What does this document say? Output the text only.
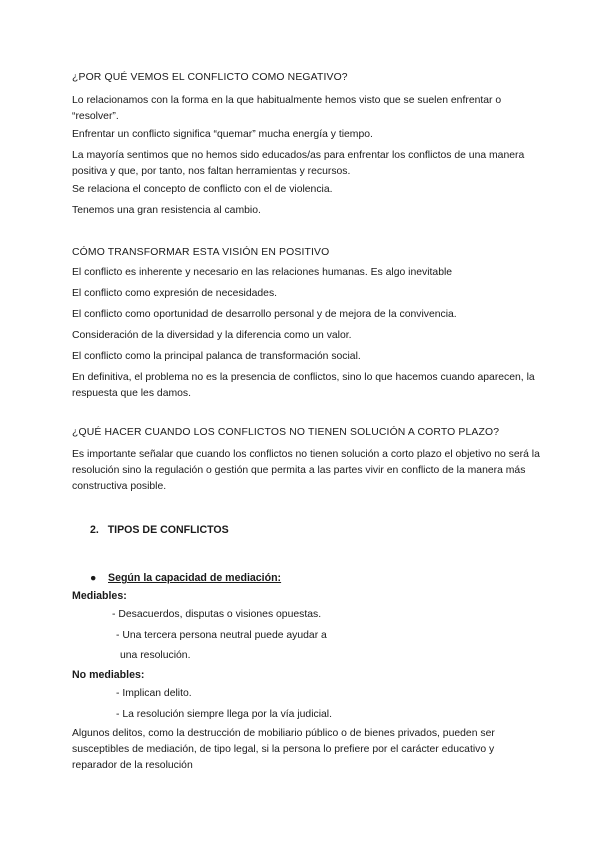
¿POR QUÉ VEMOS EL CONFLICTO COMO NEGATIVO?
Lo relacionamos con la forma en la que habitualmente hemos visto que se suelen enfrentar o “resolver”.
Enfrentar un conflicto significa “quemar” mucha energía y tiempo.
La mayoría sentimos que no hemos sido educados/as para enfrentar los conflictos de una manera positiva y que, por tanto, nos faltan herramientas y recursos.
Se relaciona el concepto de conflicto con el de violencia.
Tenemos una gran resistencia al cambio.
CÓMO TRANSFORMAR ESTA VISIÓN EN POSITIVO
El conflicto es inherente y necesario en las relaciones humanas. Es algo inevitable
El conflicto como expresión de necesidades.
El conflicto como oportunidad de desarrollo personal y de mejora de la convivencia.
Consideración de la diversidad y la diferencia como un valor.
El conflicto como la principal palanca de transformación social.
En definitiva, el problema no es la presencia de conflictos, sino lo que hacemos cuando aparecen, la respuesta que les damos.
¿QUÉ HACER CUANDO LOS CONFLICTOS NO TIENEN SOLUCIÓN A CORTO PLAZO?
Es importante señalar que cuando los conflictos no tienen solución a corto plazo el objetivo no será la resolución sino la regulación o gestión que permita a las partes vivir en conflicto de la manera más constructiva posible.
2. TIPOS DE CONFLICTOS
● Según la capacidad de mediación:
Mediables:
- Desacuerdos, disputas o visiones opuestas.
- Una tercera persona neutral puede ayudar a
una resolución.
No mediables:
- Implican delito.
- La resolución siempre llega por la vía judicial.
Algunos delitos, como la destrucción de mobiliario público o de bienes privados, pueden ser susceptibles de mediación, de tipo legal, si la persona lo prefiere por el carácter educativo y reparador de la resolución
